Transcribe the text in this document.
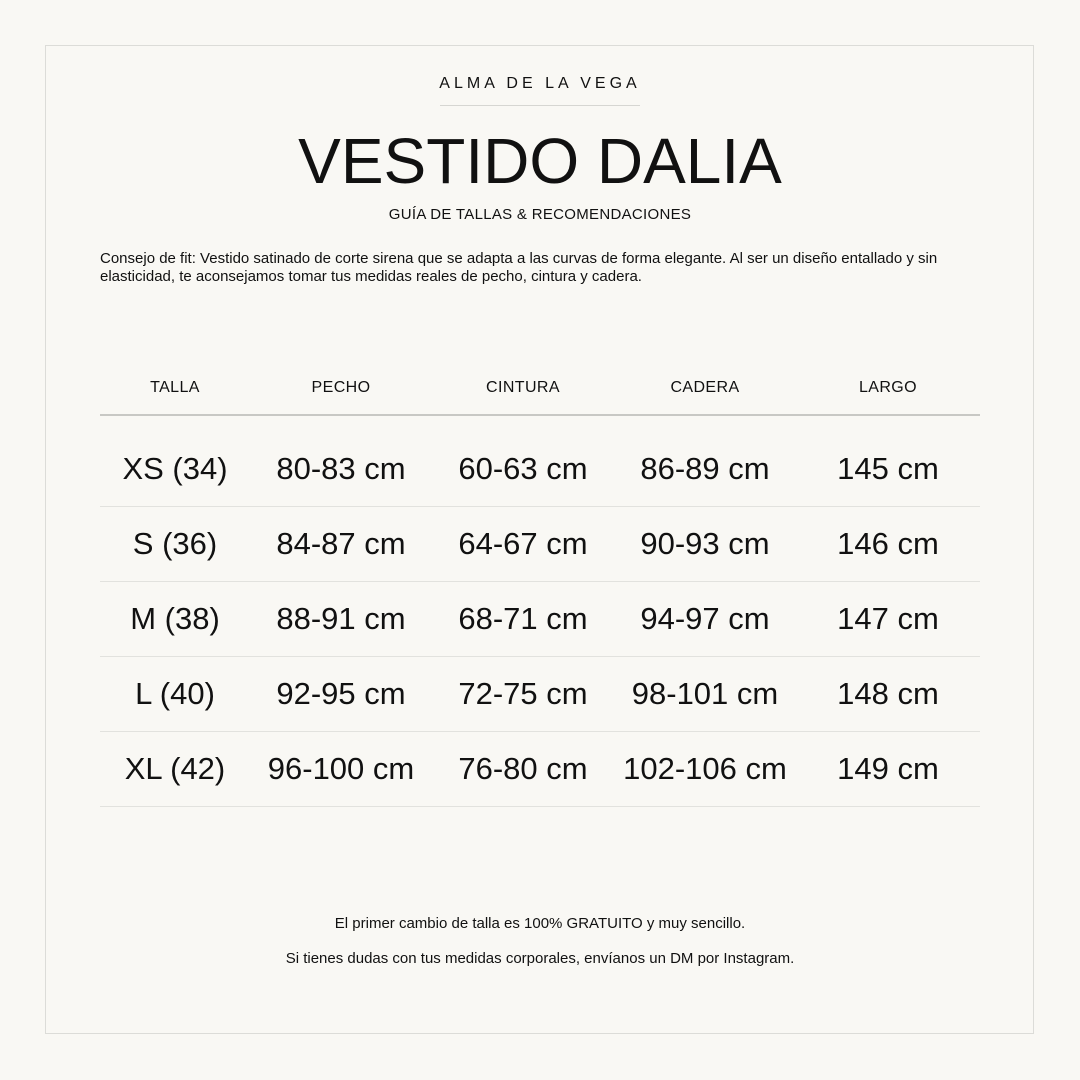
ALMA DE LA VEGA
VESTIDO DALIA
GUÍA DE TALLAS & RECOMENDACIONES

Consejo de fit: Vestido satinado de corte sirena que se adapta a las curvas de forma elegante. Al ser un diseño entallado y sin elasticidad, te aconsejamos tomar tus medidas reales de pecho, cintura y cadera.

TALLA	PECHO	CINTURA	CADERA	LARGO

XS (34)	80-83 cm	60-63 cm	86-89 cm	145 cm
S (36)	84-87 cm	64-67 cm	90-93 cm	146 cm
M (38)	88-91 cm	68-71 cm	94-97 cm	147 cm
L (40)	92-95 cm	72-75 cm	98-101 cm	148 cm
XL (42)	96-100 cm	76-80 cm	102-106 cm	149 cm
El primer cambio de talla es 100% GRATUITO y muy sencillo.
Si tienes dudas con tus medidas corporales, envíanos un DM por Instagram.
